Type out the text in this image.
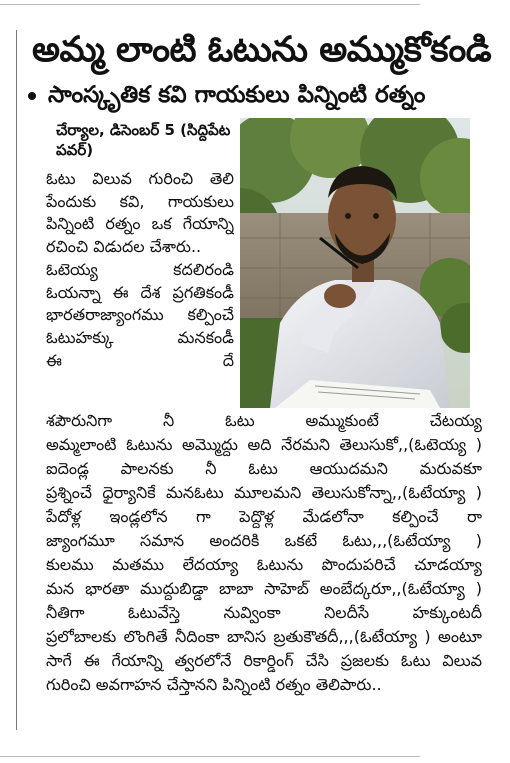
అమ్మ లాంటి ఓటును అమ్ముకోకండి
సాంస్కృతిక కవి గాయకులు పిన్నింటి రత్నం
చేర్యాల, డిసెంబర్ 5 (సిద్దిపేట పవర్)
ఓటు విలువ గురించి తెలి
పేందుకు కవి, గాయకులు
పిన్నింటి రత్నం ఒక గేయాన్ని
రచించి విడుదల చేశారు..
ఓటెయ్య కదలిరండి
ఓయన్నా ఈ దేశ ప్రగతికండీ
భారతరాజ్యాంగము కల్పించే
ఓటుహక్కు మనకండీ
ఈ దే
శపౌరునిగా నీ ఓటు అమ్ముకుంటే చేటయ్య
అమ్మలాంటి ఓటును అమ్మొద్దు అది నేరమని తెలుసుకో,,(ఓటెయ్య )
ఐదెండ్ల పాలనకు నీ ఓటు ఆయుదమని మరువకూ
ప్రశ్నించే ధైర్యానికే మనఓటు మూలమని తెలుసుకోన్నా,,(ఓటేయ్యా )
పేదోళ్ల ఇండ్లలోన గా పెద్దొళ్ల మేడలోనా కల్పించే రా
జ్యాంగమూ సమాన అందరికి ఒకటే ఓటు,,,(ఓటేయ్యా )
కులము మతము లేదయ్యా ఓటును పొందుపరిచే చూడయ్యా
మన భారతా ముద్దుబిడ్డా బాబా సాహెబ్ అంబేద్కరూ,,(ఓటేయ్యా )
నీతిగా ఓటువేస్తె నువ్వింకా నిలదీసే హక్కుంటదీ
ప్రలోబాలకు లొంగితే నీదింకా బానిస బ్రతుకౌతదీ,,,(ఓటేయ్యా ) అంటూ
సాగే ఈ గేయాన్ని త్వరలోనే రికార్డింగ్ చేసి ప్రజలకు ఓటు విలువ
గురించి అవగాహన చేస్తానని పిన్నింటి రత్నం తెలిపారు..
